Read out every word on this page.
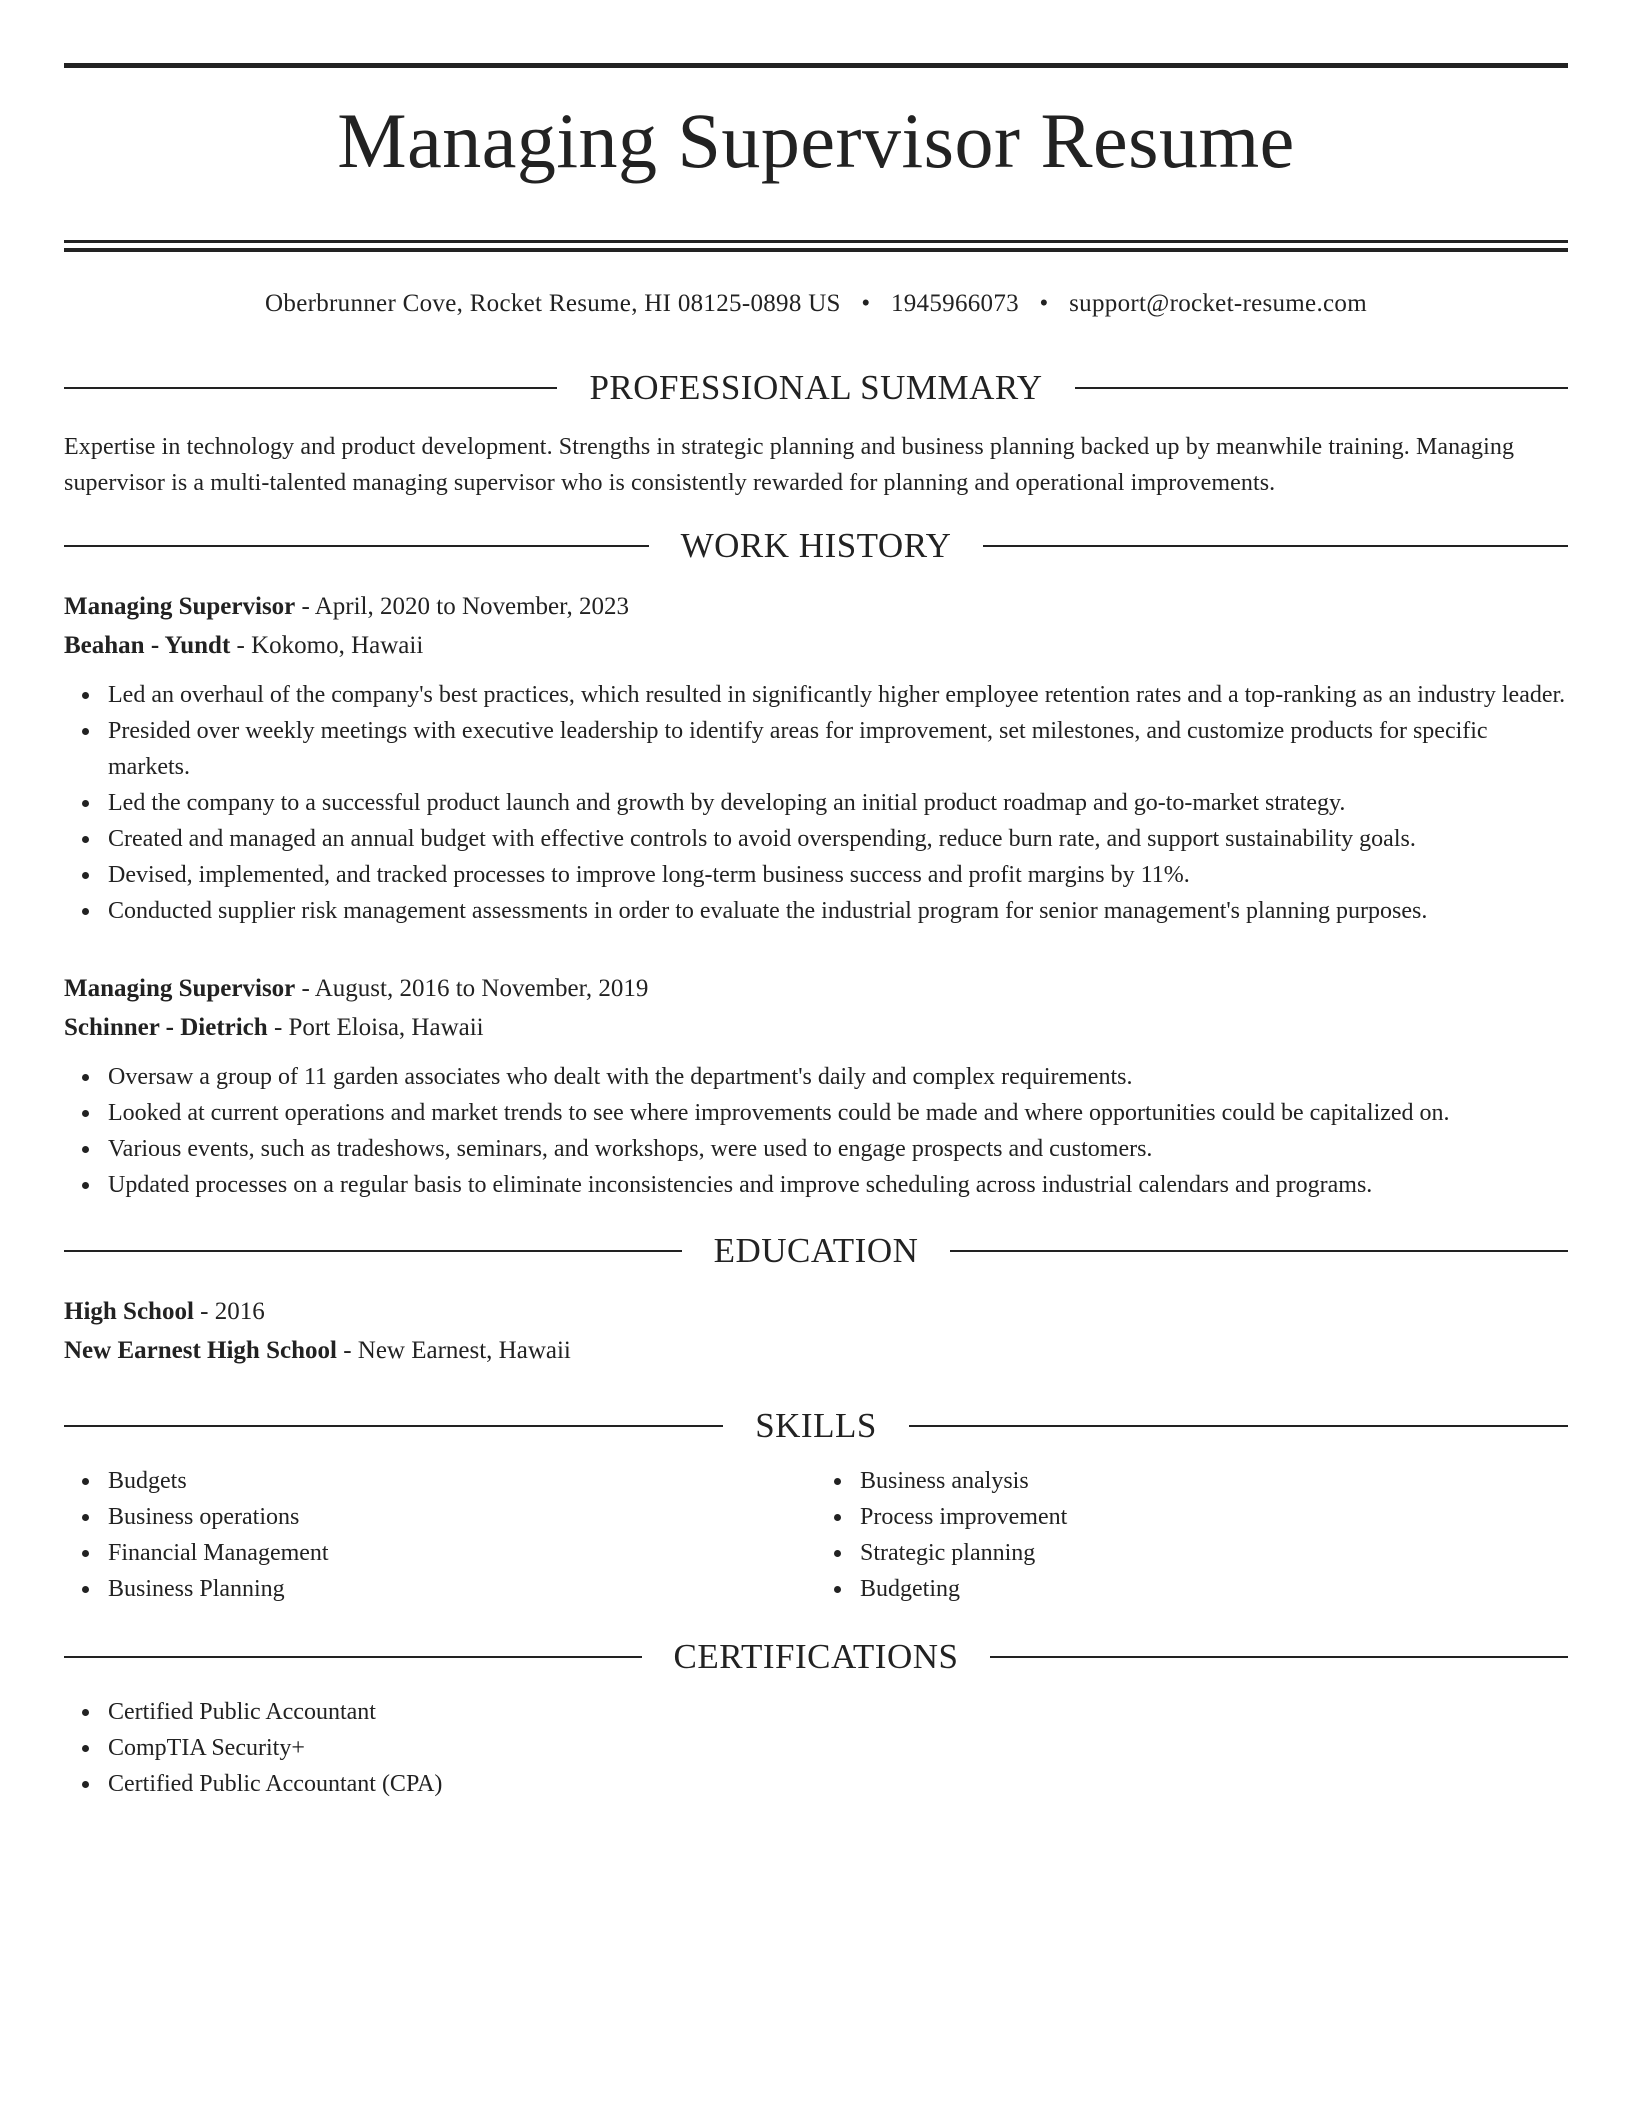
Managing Supervisor Resume
Oberbrunner Cove, Rocket Resume, HI 08125-0898 US • 1945966073 • support@rocket-resume.com
PROFESSIONAL SUMMARY
Expertise in technology and product development. Strengths in strategic planning and business planning backed up by meanwhile training. Managing supervisor is a multi-talented managing supervisor who is consistently rewarded for planning and operational improvements.
WORK HISTORY
Managing Supervisor - April, 2020 to November, 2023
Beahan - Yundt - Kokomo, Hawaii
Led an overhaul of the company's best practices, which resulted in significantly higher employee retention rates and a top-ranking as an industry leader.
Presided over weekly meetings with executive leadership to identify areas for improvement, set milestones, and customize products for specific markets.
Led the company to a successful product launch and growth by developing an initial product roadmap and go-to-market strategy.
Created and managed an annual budget with effective controls to avoid overspending, reduce burn rate, and support sustainability goals.
Devised, implemented, and tracked processes to improve long-term business success and profit margins by 11%.
Conducted supplier risk management assessments in order to evaluate the industrial program for senior management's planning purposes.
Managing Supervisor - August, 2016 to November, 2019
Schinner - Dietrich - Port Eloisa, Hawaii
Oversaw a group of 11 garden associates who dealt with the department's daily and complex requirements.
Looked at current operations and market trends to see where improvements could be made and where opportunities could be capitalized on.
Various events, such as tradeshows, seminars, and workshops, were used to engage prospects and customers.
Updated processes on a regular basis to eliminate inconsistencies and improve scheduling across industrial calendars and programs.
EDUCATION
High School - 2016
New Earnest High School - New Earnest, Hawaii
SKILLS
Budgets
Business operations
Financial Management
Business Planning
Business analysis
Process improvement
Strategic planning
Budgeting
CERTIFICATIONS
Certified Public Accountant
CompTIA Security+
Certified Public Accountant (CPA)
